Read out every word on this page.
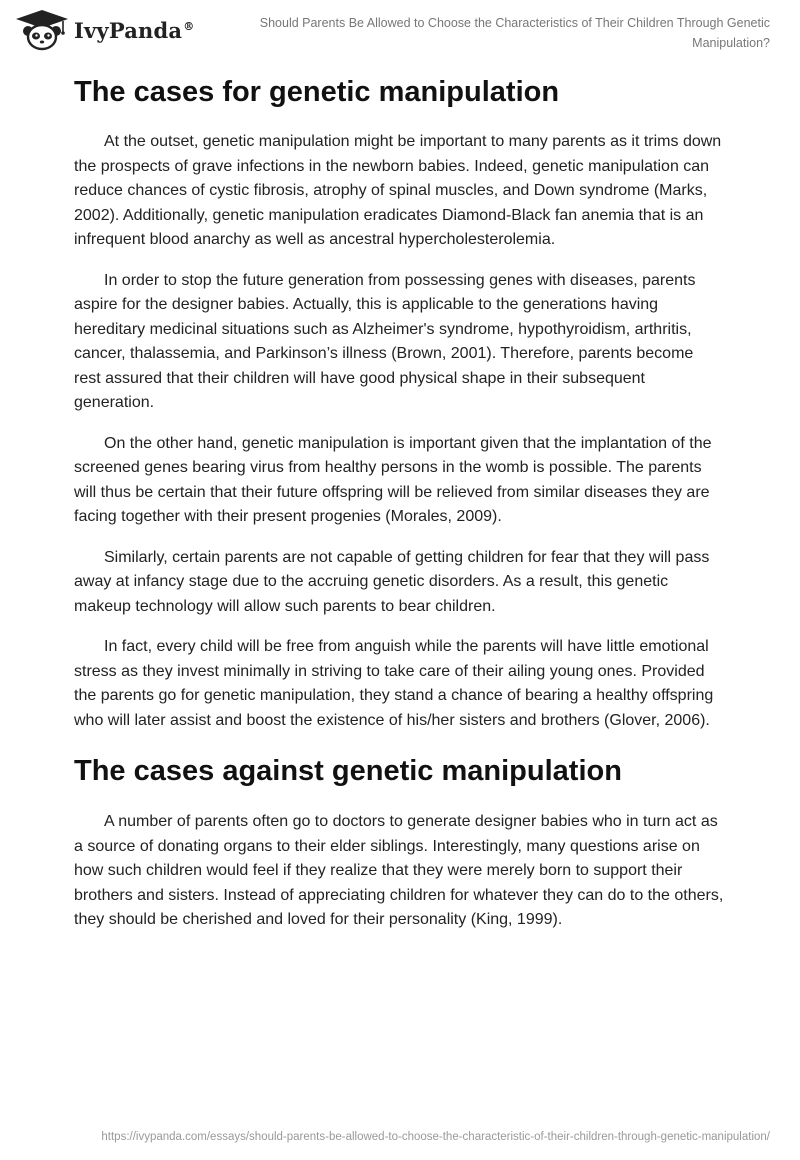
IvyPanda®	Should Parents Be Allowed to Choose the Characteristics of Their Children Through Genetic Manipulation?
The cases for genetic manipulation

At the outset, genetic manipulation might be important to many parents as it trims down the prospects of grave infections in the newborn babies. Indeed, genetic manipulation can reduce chances of cystic fibrosis, atrophy of spinal muscles, and Down syndrome (Marks, 2002). Additionally, genetic manipulation eradicates Diamond-Black fan anemia that is an infrequent blood anarchy as well as ancestral hypercholesterolemia.

In order to stop the future generation from possessing genes with diseases, parents aspire for the designer babies. Actually, this is applicable to the generations having hereditary medicinal situations such as Alzheimer's syndrome, hypothyroidism, arthritis, cancer, thalassemia, and Parkinson’s illness (Brown, 2001). Therefore, parents become rest assured that their children will have good physical shape in their subsequent generation.

On the other hand, genetic manipulation is important given that the implantation of the screened genes bearing virus from healthy persons in the womb is possible. The parents will thus be certain that their future offspring will be relieved from similar diseases they are facing together with their present progenies (Morales, 2009).

Similarly, certain parents are not capable of getting children for fear that they will pass away at infancy stage due to the accruing genetic disorders. As a result, this genetic makeup technology will allow such parents to bear children.

In fact, every child will be free from anguish while the parents will have little emotional stress as they invest minimally in striving to take care of their ailing young ones. Provided the parents go for genetic manipulation, they stand a chance of bearing a healthy offspring who will later assist and boost the existence of his/her sisters and brothers (Glover, 2006).

The cases against genetic manipulation

A number of parents often go to doctors to generate designer babies who in turn act as a source of donating organs to their elder siblings. Interestingly, many questions arise on how such children would feel if they realize that they were merely born to support their brothers and sisters. Instead of appreciating children for whatever they can do to the others, they should be cherished and loved for their personality (King, 1999).

https://ivypanda.com/essays/should-parents-be-allowed-to-choose-the-characteristic-of-their-children-through-genetic-manipulation/
